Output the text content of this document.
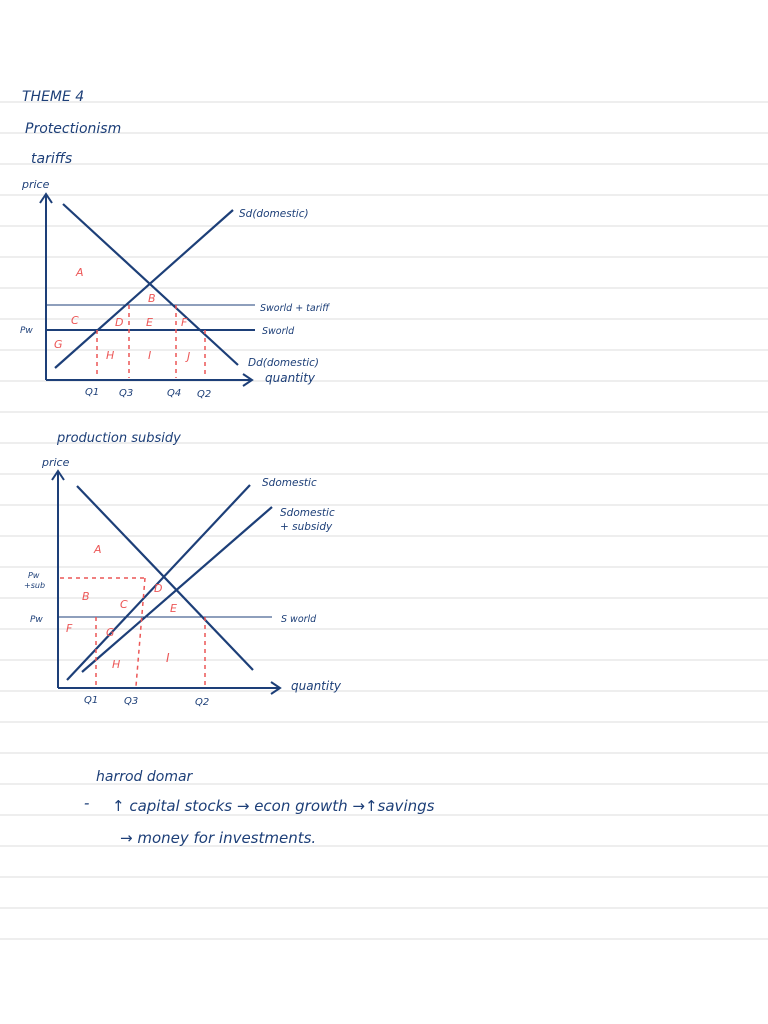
THEME 4
Protectionism
tariffs
price
Sd(domestic)
Sworld + tariff
Sworld
Dd(domestic)
quantity
Pw
Q1 Q3	Q4 Q2
A
B
C	D E	F
G
H	I	J
production subsidy
price
Sdomestic
Sdomestic
+ subsidy
S world
quantity
Pw
+sub
Pw
Q1	Q3	Q2
A
B
C
D
E
F	G
H	I
harrod domar
- ↑ capital stocks → econ growth →↑savings
→ money for investments.
